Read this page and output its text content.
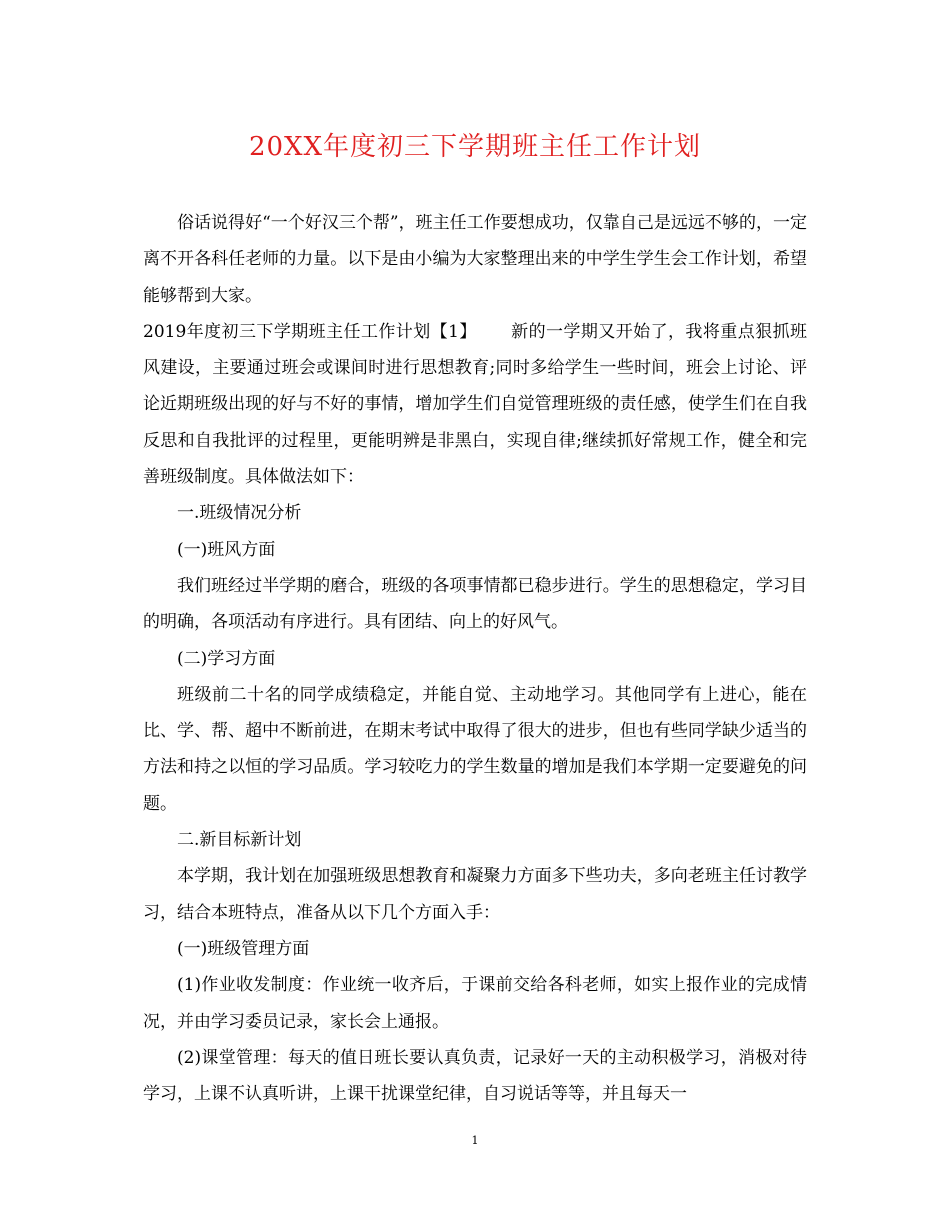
20XX年度初三下学期班主任工作计划

俗话说得好“一个好汉三个帮”，班主任工作要想成功，仅靠自己是远远不够的，一定离不开各科任老师的力量。以下是由小编为大家整理出来的中学生学生会工作计划，希望能够帮到大家。

2019年度初三下学期班主任工作计划【1】 新的一学期又开始了，我将重点狠抓班风建设，主要通过班会或课间时进行思想教育;同时多给学生一些时间，班会上讨论、评论近期班级出现的好与不好的事情，增加学生们自觉管理班级的责任感，使学生们在自我反思和自我批评的过程里，更能明辨是非黑白，实现自律;继续抓好常规工作，健全和完善班级制度。具体做法如下：

一.班级情况分析

(一)班风方面

我们班经过半学期的磨合，班级的各项事情都已稳步进行。学生的思想稳定，学习目的明确，各项活动有序进行。具有团结、向上的好风气。

(二)学习方面

班级前二十名的同学成绩稳定，并能自觉、主动地学习。其他同学有上进心，能在比、学、帮、超中不断前进，在期末考试中取得了很大的进步，但也有些同学缺少适当的方法和持之以恒的学习品质。学习较吃力的学生数量的增加是我们本学期一定要避免的问题。

二.新目标新计划

本学期，我计划在加强班级思想教育和凝聚力方面多下些功夫，多向老班主任讨教学习，结合本班特点，准备从以下几个方面入手：

(一)班级管理方面

(1)作业收发制度：作业统一收齐后，于课前交给各科老师，如实上报作业的完成情况，并由学习委员记录，家长会上通报。

(2)课堂管理：每天的值日班长要认真负责，记录好一天的主动积极学习，消极对待学习，上课不认真听讲，上课干扰课堂纪律，自习说话等等，并且每天一

1
